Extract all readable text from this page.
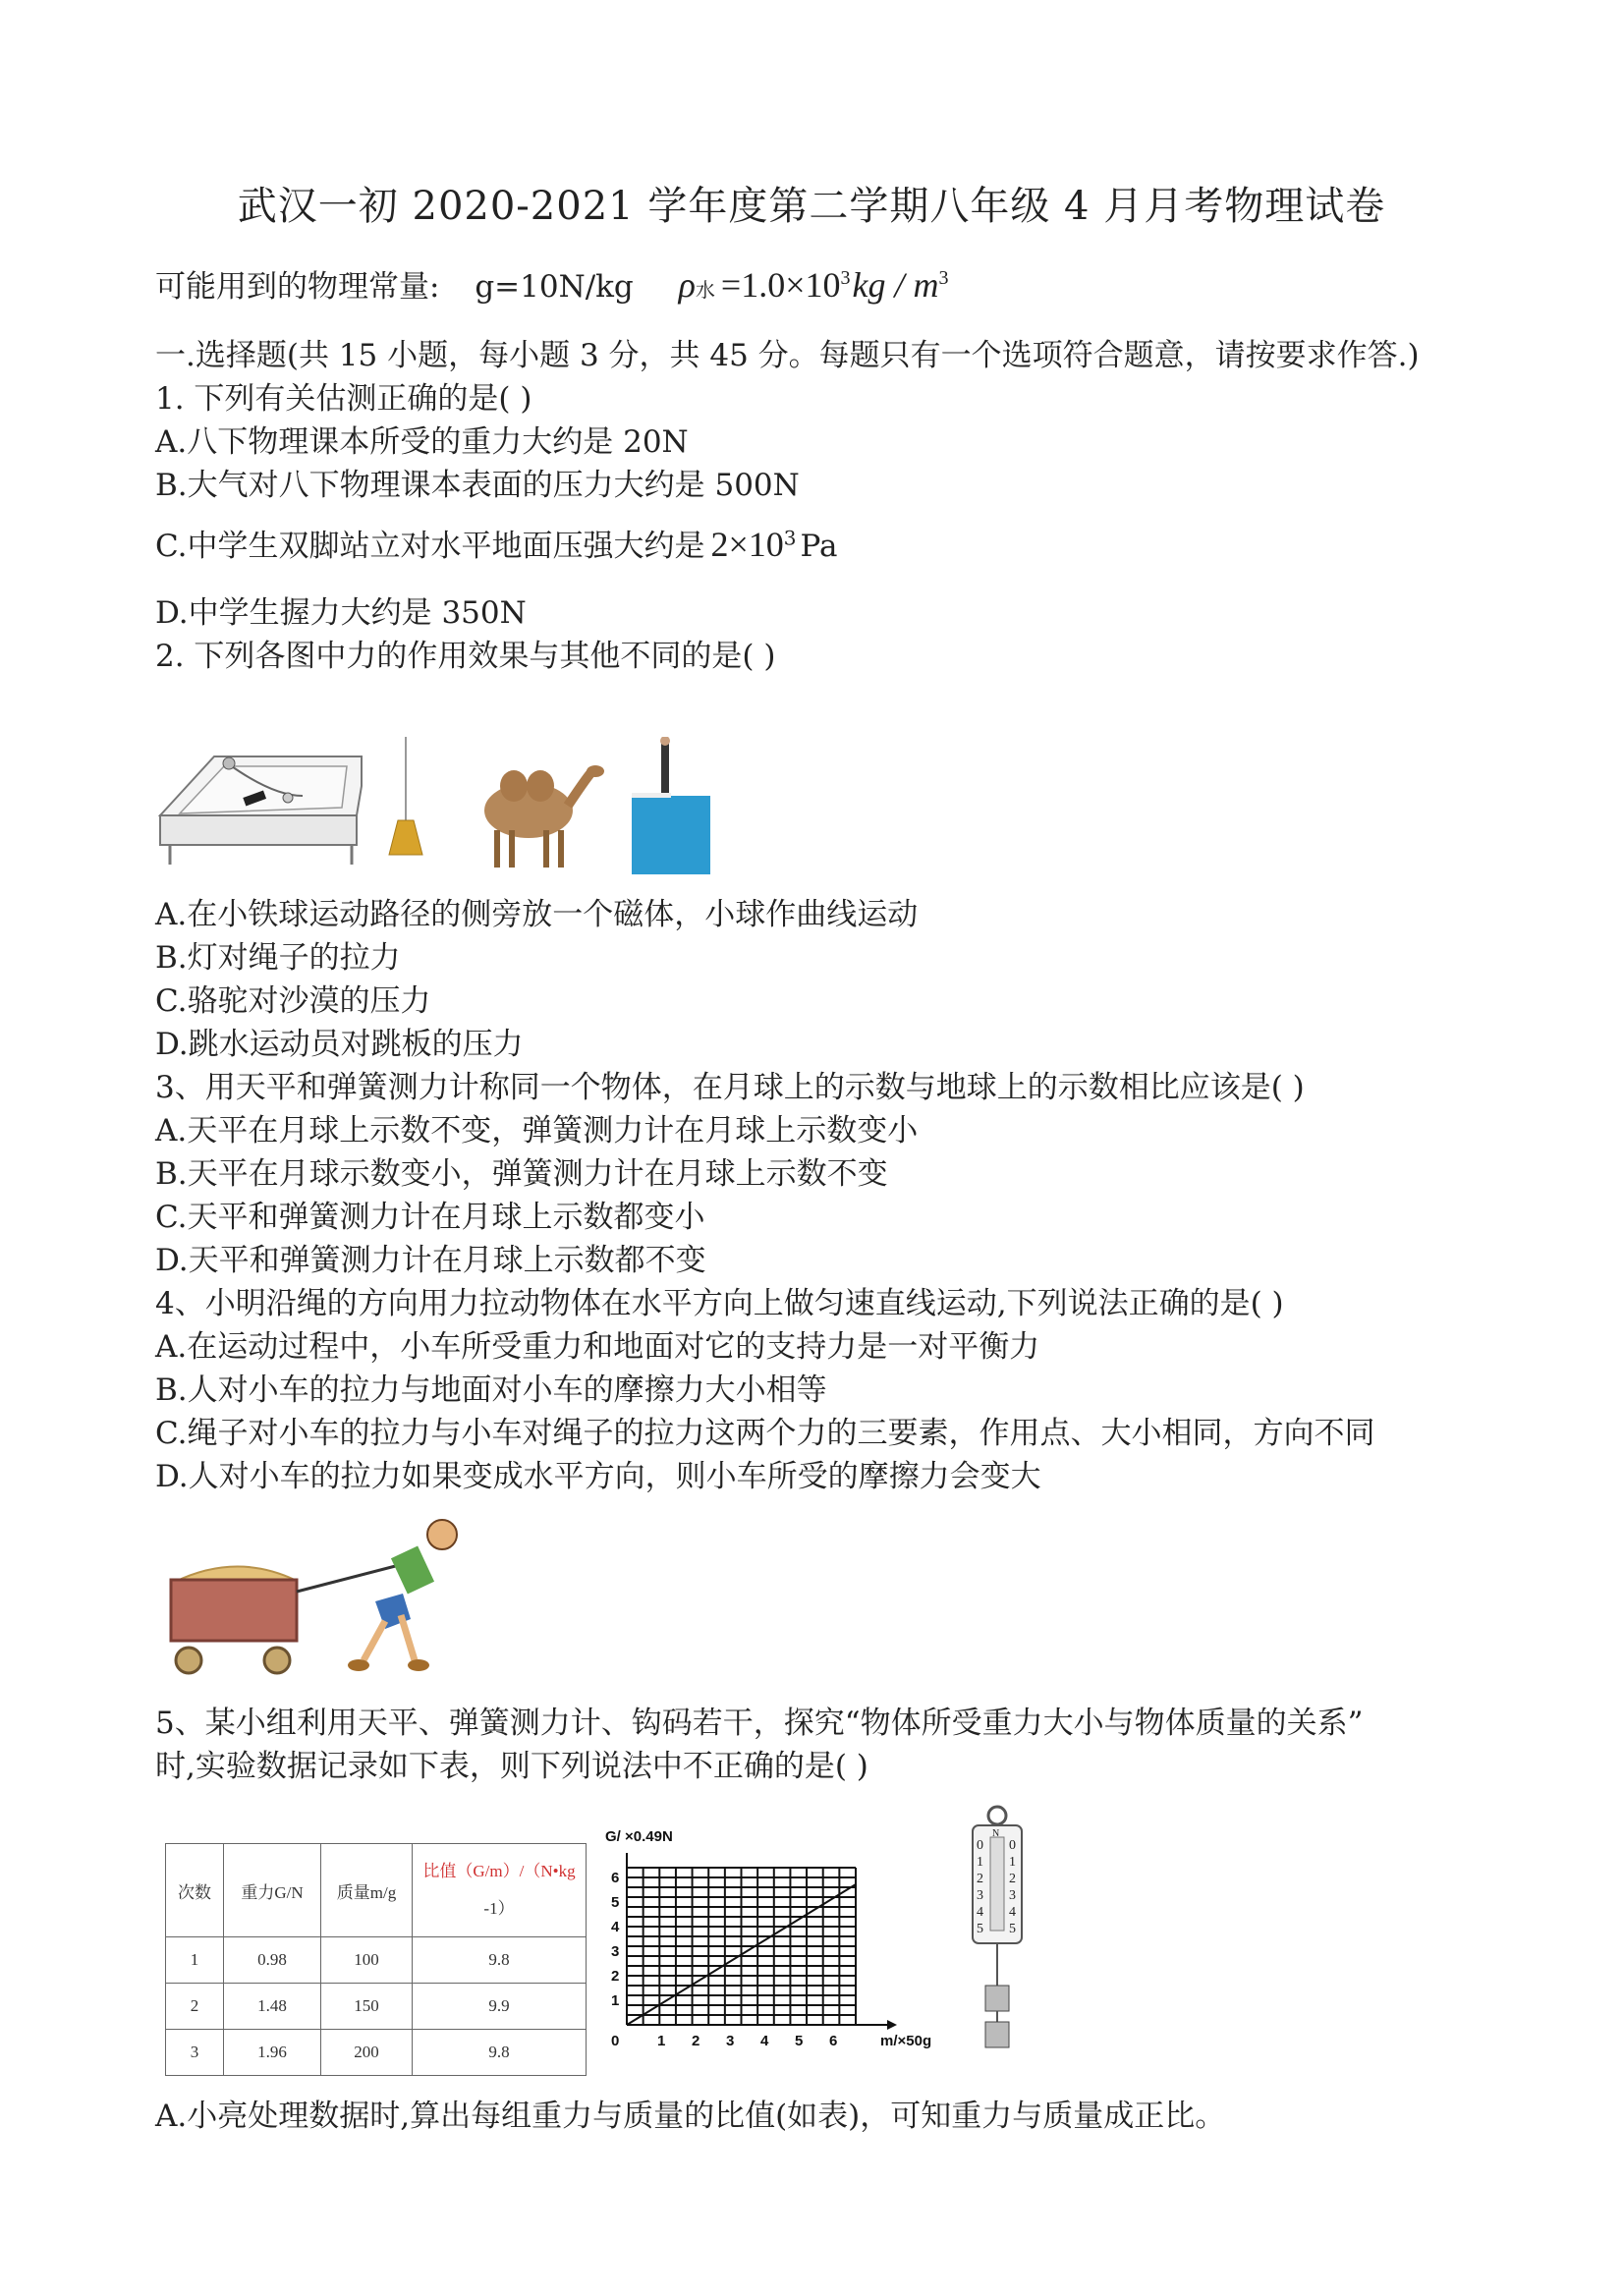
武汉一初 2020-2021 学年度第二学期八年级 4 月月考物理试卷
可能用到的物理常量: g=10N/kg ρ水 $=1.0\times 10^3kg / m^3$
一.选择题(共 15 小题，每小题 3 分，共 45 分。每题只有一个选项符合题意，请按要求作答.)
1. 下列有关估测正确的是( )
A.八下物理课本所受的重力大约是 20N
B.大气对八下物理课本表面的压力大约是 500N
C.中学生双脚站立对水平地面压强大约是 $2\times 10^3$ Pa
D.中学生握力大约是 350N
2. 下列各图中力的作用效果与其他不同的是( )
A.在小铁球运动路径的侧旁放一个磁体，小球作曲线运动
B.灯对绳子的拉力
C.骆驼对沙漠的压力
D.跳水运动员对跳板的压力
3、用天平和弹簧测力计称同一个物体，在月球上的示数与地球上的示数相比应该是( )
A.天平在月球上示数不变，弹簧测力计在月球上示数变小
B.天平在月球示数变小，弹簧测力计在月球上示数不变
C.天平和弹簧测力计在月球上示数都变小
D.天平和弹簧测力计在月球上示数都不变
4、小明沿绳的方向用力拉动物体在水平方向上做匀速直线运动,下列说法正确的是( )
A.在运动过程中，小车所受重力和地面对它的支持力是一对平衡力
B.人对小车的拉力与地面对小车的摩擦力大小相等
C.绳子对小车的拉力与小车对绳子的拉力这两个力的三要素，作用点、大小相同，方向不同
D.人对小车的拉力如果变成水平方向，则小车所受的摩擦力会变大
5、某小组利用天平、弹簧测力计、钩码若干，探究“物体所受重力大小与物体质量的关系”
时,实验数据记录如下表，则下列说法中不正确的是( )
次数	重力G/N	质量m/g	比值（G/m）/（N•kg
-1）
1	0.98	100	9.8
2	1.48	150	9.9
3	1.96	200	9.8
G/ ×0.49N
0	1 2 3 4 5 6
1
2
3
4
5
6
m/×50g
N
0
1
2
3
4
5
0
1
2
3
4
5
A.小亮处理数据时,算出每组重力与质量的比值(如表)，可知重力与质量成正比。
